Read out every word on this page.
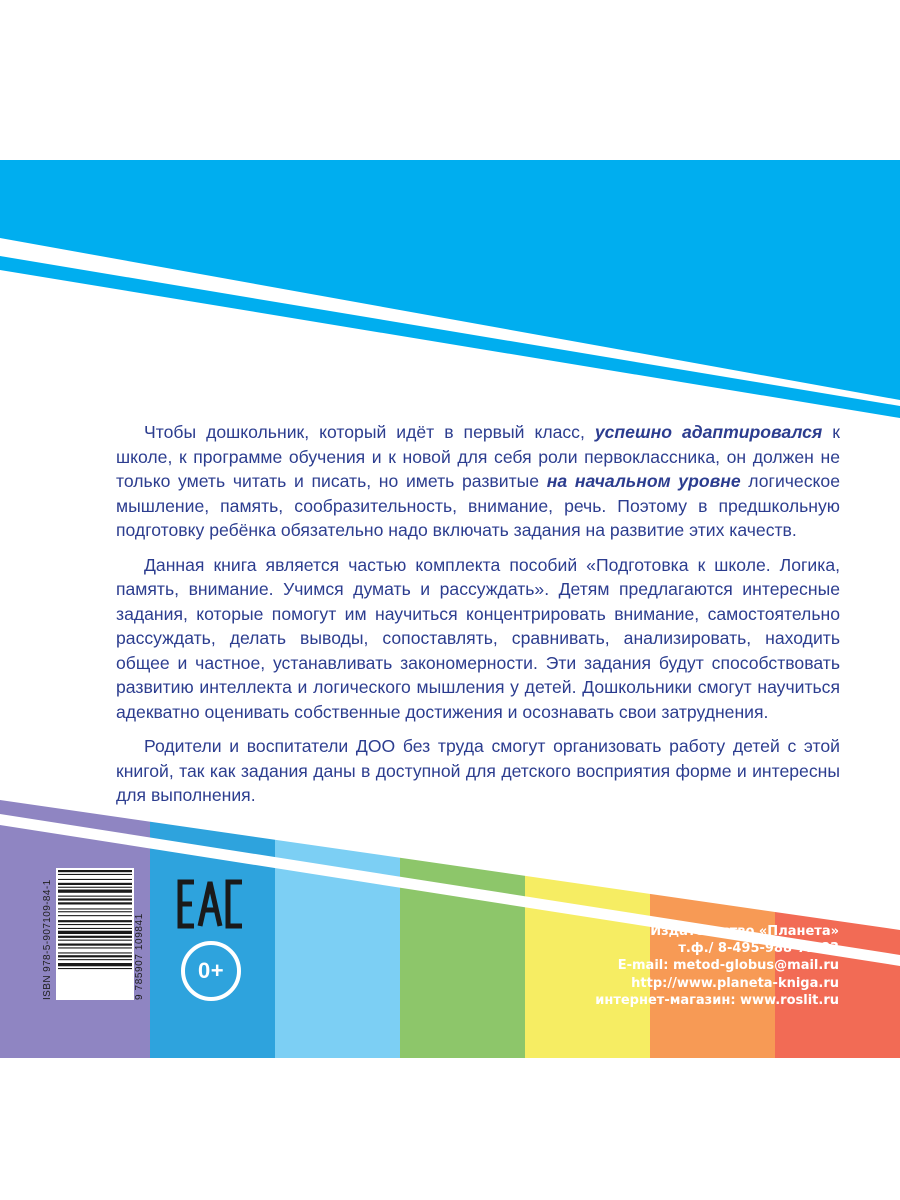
Чтобы дошкольник, который идёт в первый класс, успешно адаптировался к школе, к программе обучения и к новой для себя роли первоклассника, он должен не только уметь читать и писать, но иметь развитые на начальном уровне логическое мышление, память, сообразительность, внимание, речь. Поэтому в предшкольную подготовку ребёнка обязательно надо включать задания на развитие этих качеств.

Данная книга является частью комплекта пособий «Подготовка к школе. Логика, память, внимание. Учимся думать и рассуждать». Детям предлагаются интересные задания, которые помогут им научиться концентрировать внимание, самостоятельно рассуждать, делать выводы, сопоставлять, сравнивать, анализировать, находить общее и частное, устанавливать закономерности. Эти задания будут способствовать развитию интеллекта и логического мышления у детей. Дошкольники смогут научиться адекватно оценивать собственные достижения и осознавать свои затруднения.

Родители и воспитатели ДОО без труда смогут организовать работу детей с этой книгой, так как задания даны в доступной для детского восприятия форме и интересны для выполнения.

ISBN 978-5-907109-84-1	9 785907 109841	0+
Издательство «Планета»
т.ф./ 8-495-988-72-83
E-mail: metod-globus@mail.ru
http://www.planeta-kniga.ru
интернет-магазин: www.roslit.ru
